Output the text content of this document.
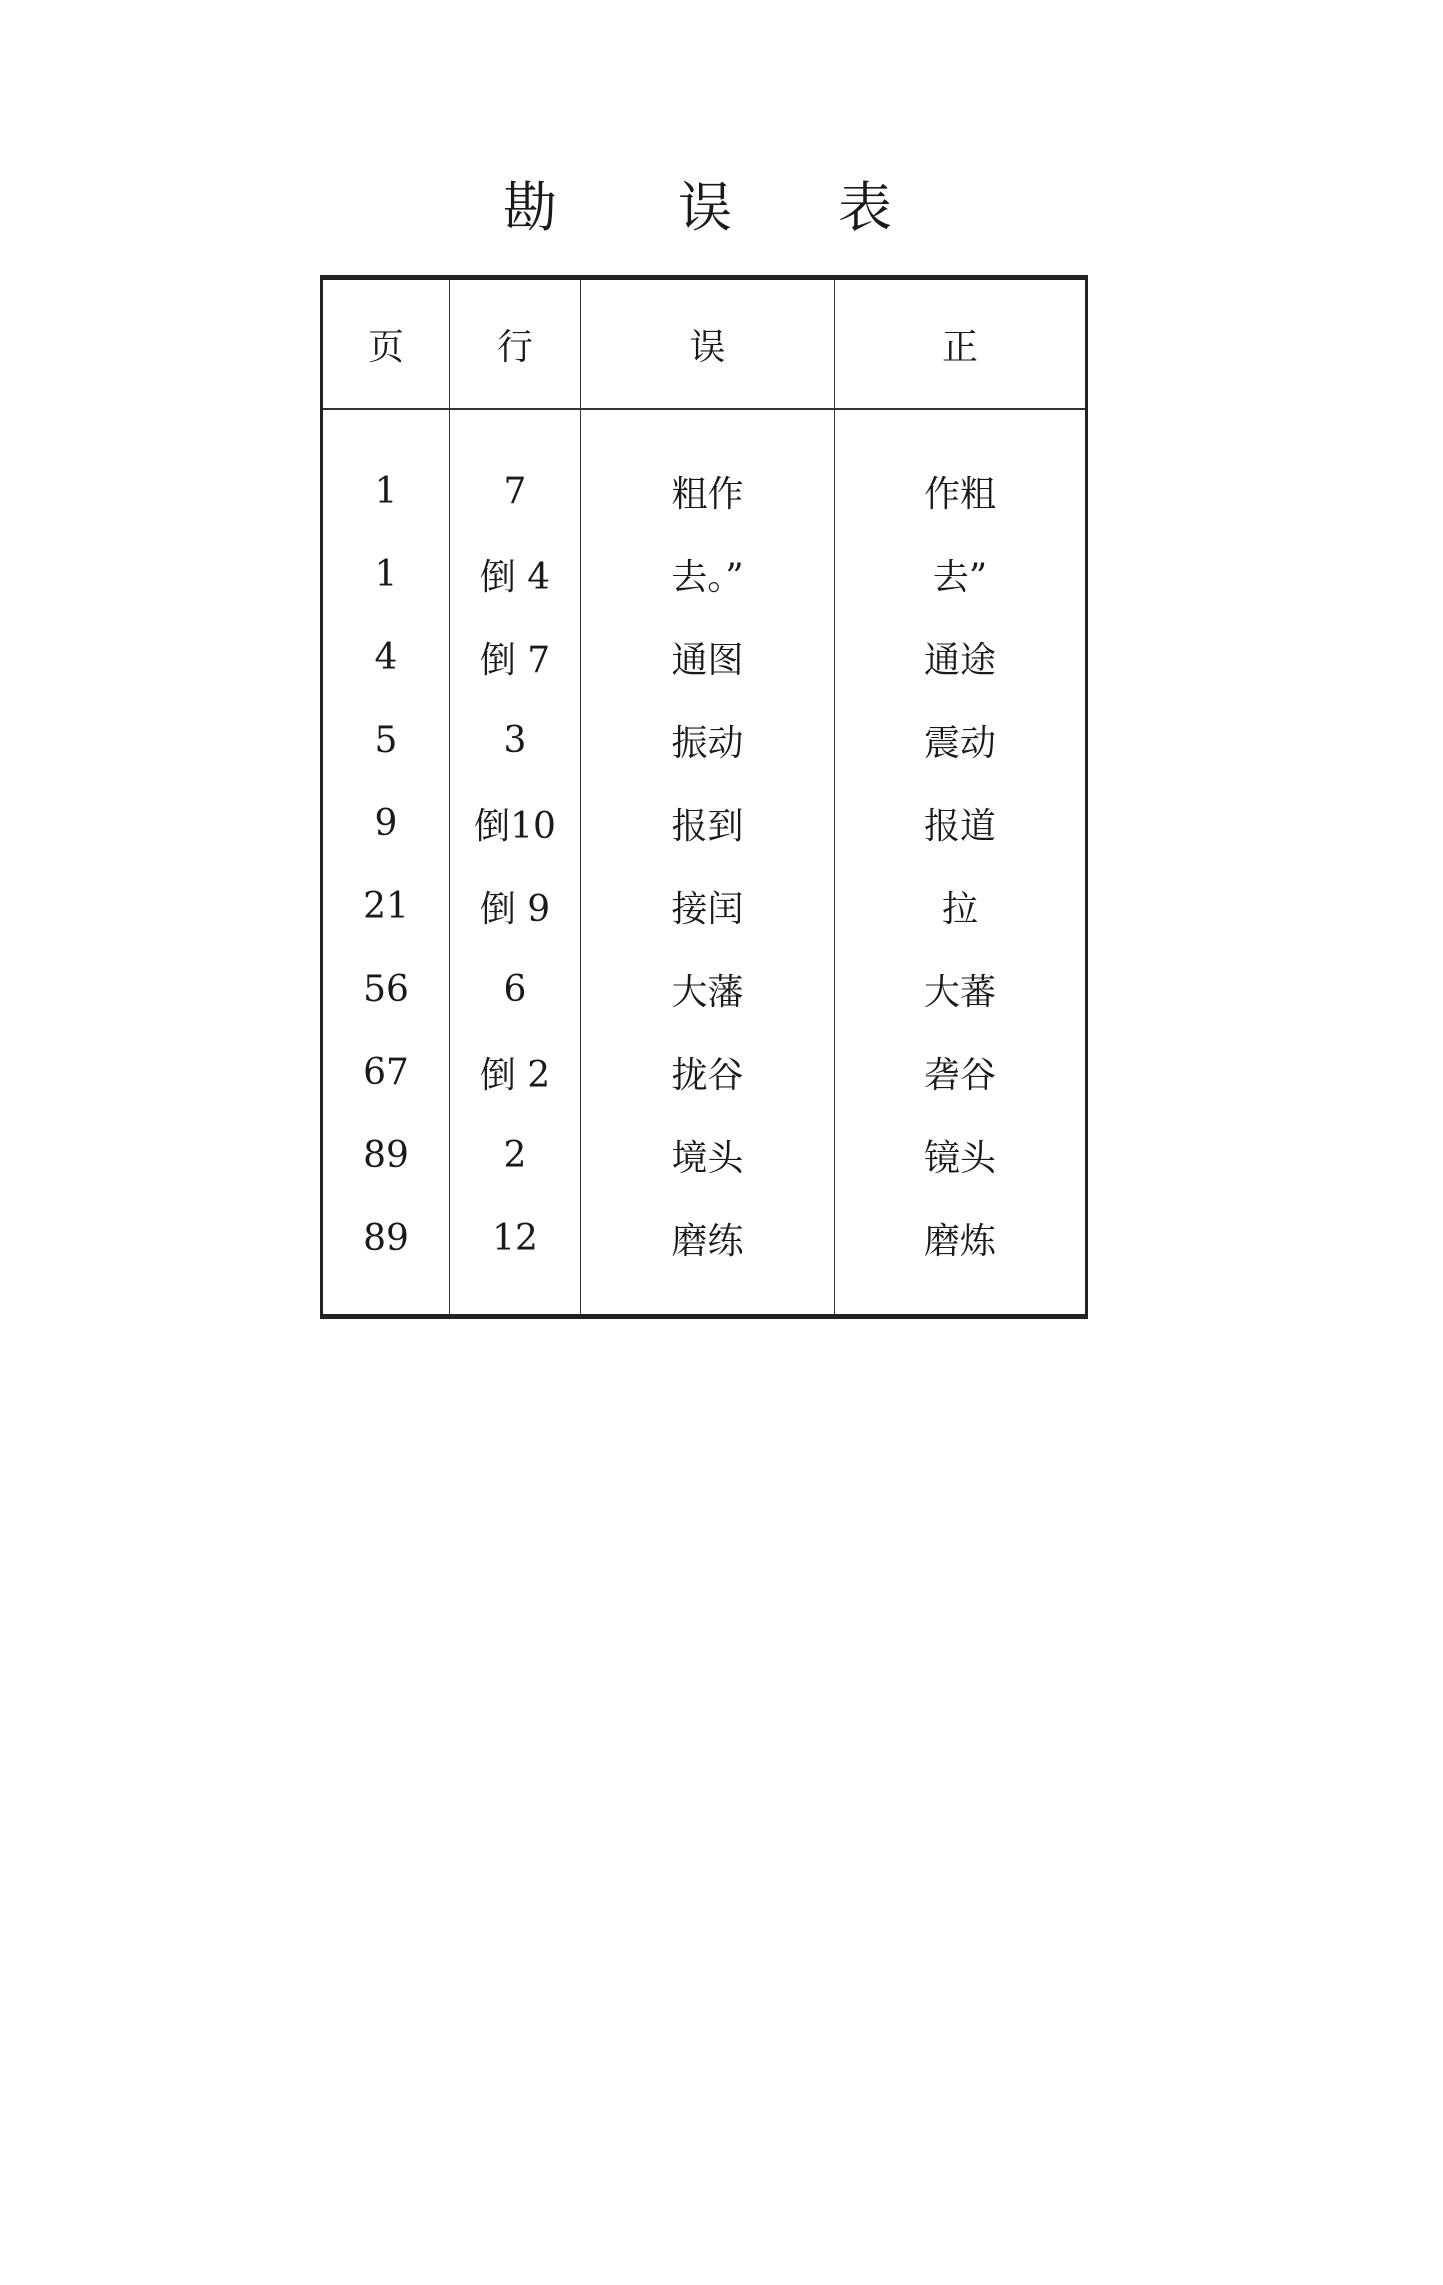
勘 误 表
页	行	误	正
1	7	粗作	作粗
1	倒 4	去。”	去”
4	倒 7	通图	通途
5	3	振动	震动
9	倒10	报到	报道
21	倒 9	接闰	拉
56	6	大藩	大蕃
67	倒 2	拢谷	砻谷
89	2	境头	镜头
89	12	磨练	磨炼
